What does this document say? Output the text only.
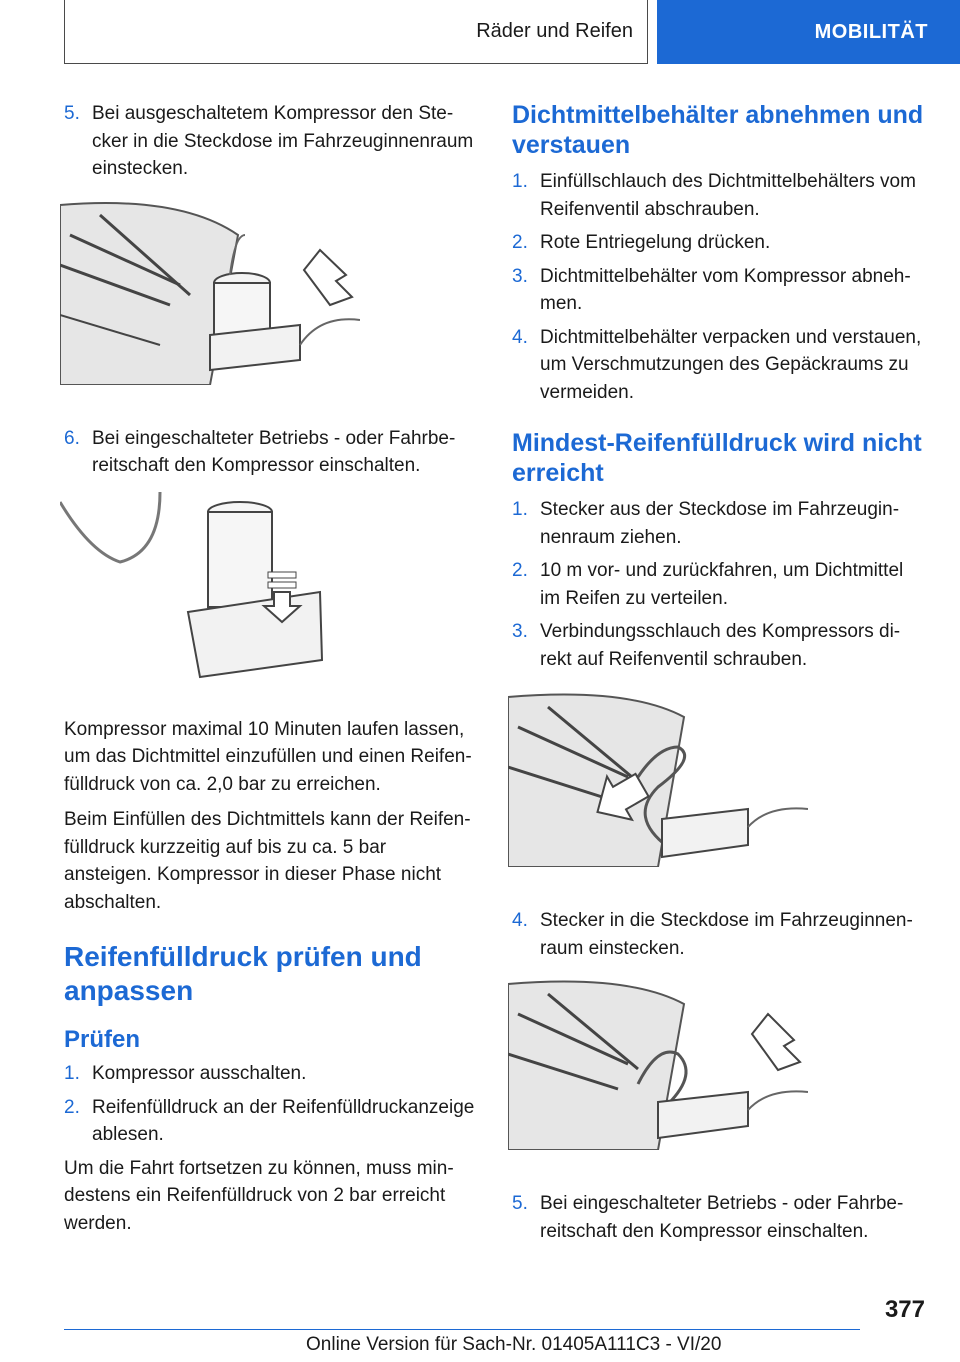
Räder und Reifen	MOBILITÄT
5. Bei ausgeschaltetem Kompressor den Ste-cker in die Steckdose im Fahrzeuginnenraum einstecken.
6. Bei eingeschalteter Betriebs - oder Fahrbe-reitschaft den Kompressor einschalten.

Kompressor maximal 10 Minuten laufen lassen, um das Dichtmittel einzufüllen und einen Reifen-fülldruck von ca. 2,0 bar zu erreichen.

Beim Einfüllen des Dichtmittels kann der Reifen-fülldruck kurzzeitig auf bis zu ca. 5 bar ansteigen. Kompressor in dieser Phase nicht abschalten.

Reifenfülldruck prüfen und anpassen
Prüfen
1. Kompressor ausschalten.
2. Reifenfülldruck an der Reifenfülldruckanzeige ablesen.

Um die Fahrt fortsetzen zu können, muss min-destens ein Reifenfülldruck von 2 bar erreicht werden.

Dichtmittelbehälter abnehmen und verstauen
1. Einfüllschlauch des Dichtmittelbehälters vom Reifenventil abschrauben.
2. Rote Entriegelung drücken.
3. Dichtmittelbehälter vom Kompressor abneh-men.
4. Dichtmittelbehälter verpacken und verstauen, um Verschmutzungen des Gepäckraums zu vermeiden.
Mindest-Reifenfülldruck wird nicht erreicht
1. Stecker aus der Steckdose im Fahrzeugin-nenraum ziehen.
2. 10 m vor- und zurückfahren, um Dichtmittel im Reifen zu verteilen.
3. Verbindungsschlauch des Kompressors di-rekt auf Reifenventil schrauben.
4. Stecker in die Steckdose im Fahrzeuginnen-raum einstecken.
5. Bei eingeschalteter Betriebs - oder Fahrbe-reitschaft den Kompressor einschalten.
377
Online Version für Sach-Nr. 01405A111C3 - VI/20
